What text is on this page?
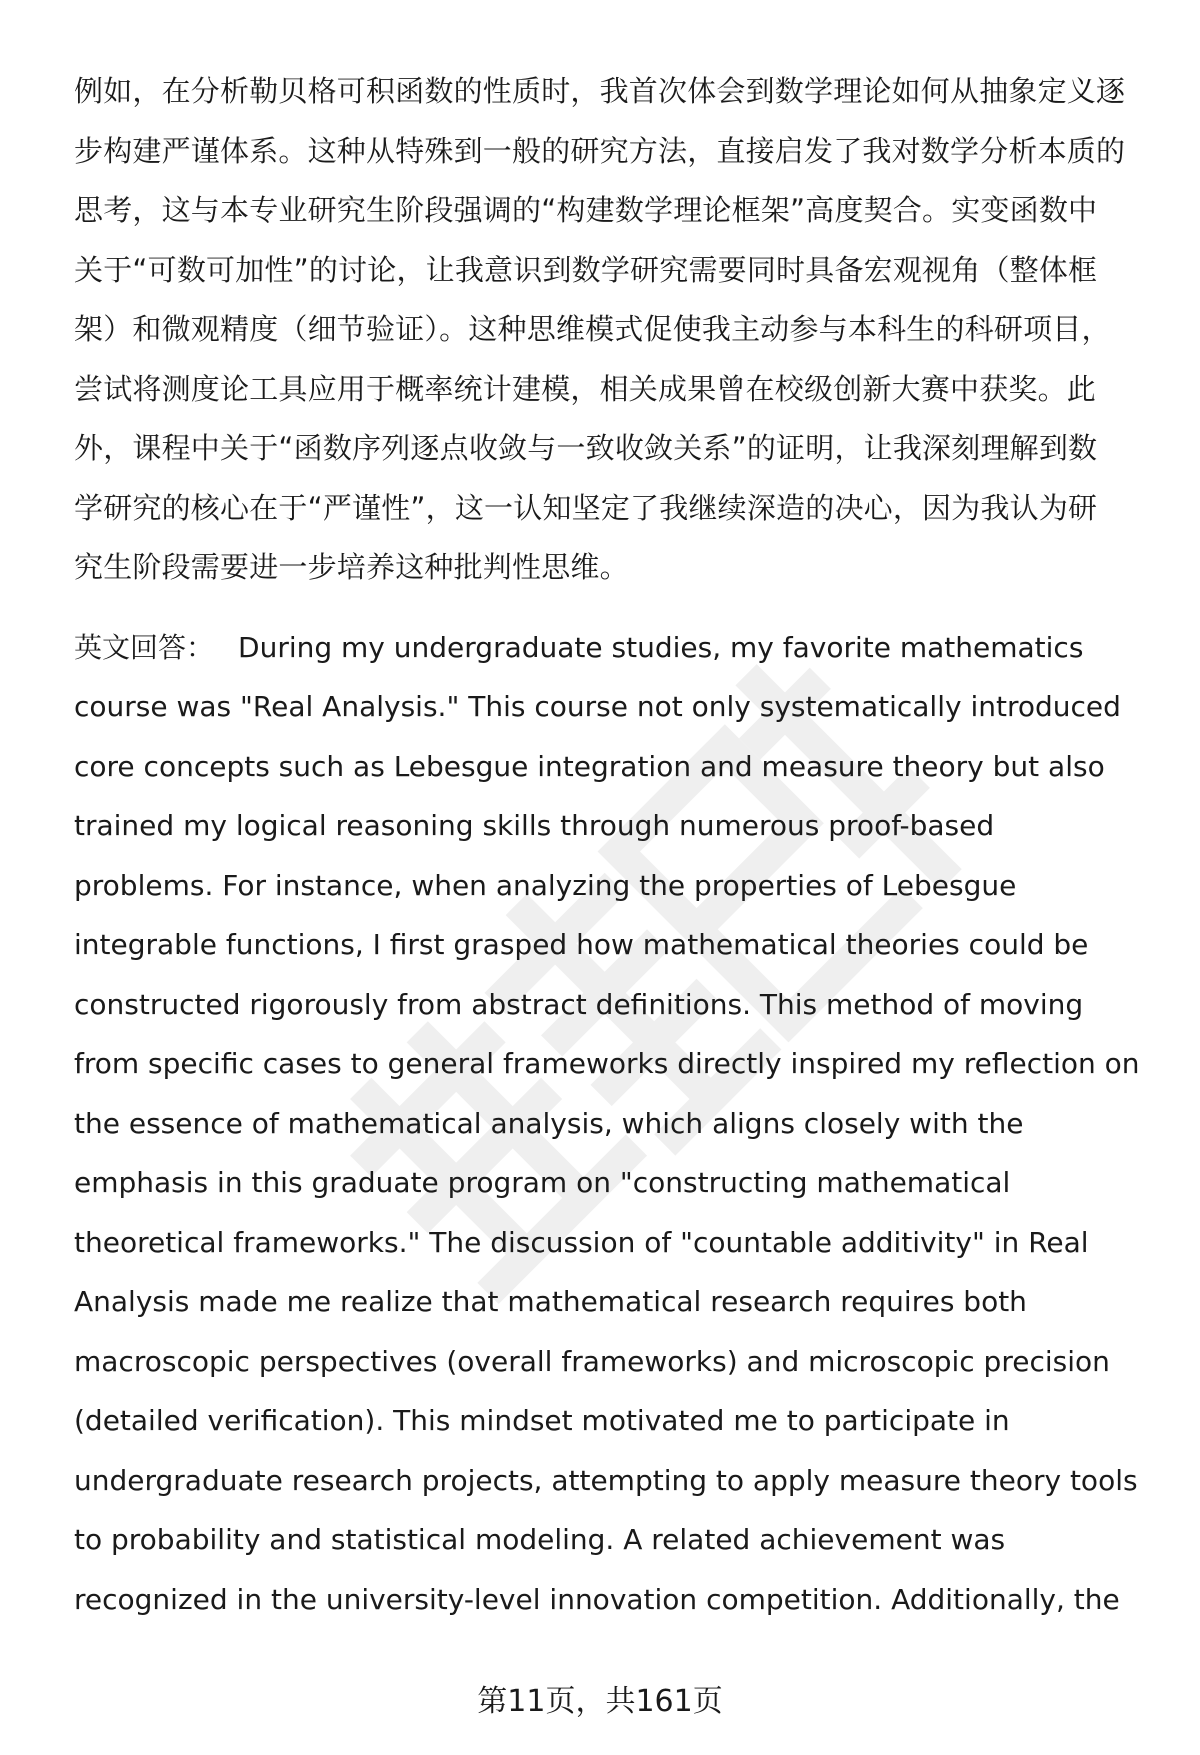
例如，在分析勒贝格可积函数的性质时，我首次体会到数学理论如何从抽象定义逐
步构建严谨体系。这种从特殊到一般的研究方法，直接启发了我对数学分析本质的
思考，这与本专业研究生阶段强调的“构建数学理论框架”高度契合。实变函数中
关于“可数可加性”的讨论，让我意识到数学研究需要同时具备宏观视角（整体框
架）和微观精度（细节验证）。这种思维模式促使我主动参与本科生的科研项目，
尝试将测度论工具应用于概率统计建模，相关成果曾在校级创新大赛中获奖。此
外，课程中关于“函数序列逐点收敛与一致收敛关系”的证明，让我深刻理解到数
学研究的核心在于“严谨性”，这一认知坚定了我继续深造的决心，因为我认为研
究生阶段需要进一步培养这种批判性思维。

英文回答： During my undergraduate studies, my favorite mathematics
course was "Real Analysis." This course not only systematically introduced
core concepts such as Lebesgue integration and measure theory but also
trained my logical reasoning skills through numerous proof-based
problems. For instance, when analyzing the properties of Lebesgue
integrable functions, I first grasped how mathematical theories could be
constructed rigorously from abstract definitions. This method of moving
from specific cases to general frameworks directly inspired my reflection on
the essence of mathematical analysis, which aligns closely with the
emphasis in this graduate program on "constructing mathematical
theoretical frameworks." The discussion of "countable additivity" in Real
Analysis made me realize that mathematical research requires both
macroscopic perspectives (overall frameworks) and microscopic precision
(detailed verification). This mindset motivated me to participate in
undergraduate research projects, attempting to apply measure theory tools
to probability and statistical modeling. A related achievement was
recognized in the university-level innovation competition. Additionally, the

第11页，共161页
